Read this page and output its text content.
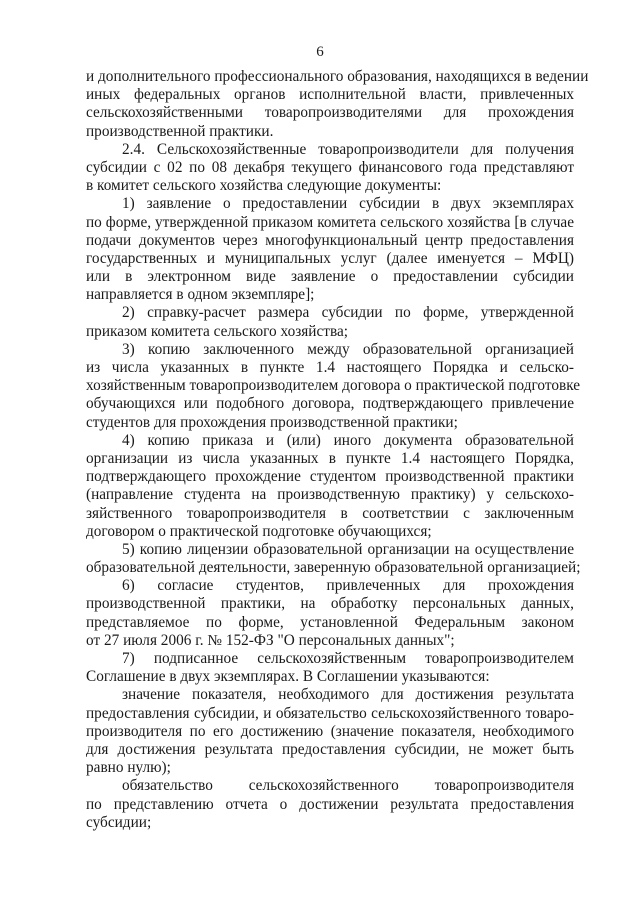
6
и дополнительного профессионального образования, находящихся в ведении
иных федеральных органов исполнительной власти, привлеченных
сельскохозяйственными товаропроизводителями для прохождения
производственной практики.
2.4. Сельскохозяйственные товаропроизводители для получения
субсидии с 02 по 08 декабря текущего финансового года представляют
в комитет сельского хозяйства следующие документы:
1) заявление о предоставлении субсидии в двух экземплярах
по форме, утвержденной приказом комитета сельского хозяйства [в случае
подачи документов через многофункциональный центр предоставления
государственных и муниципальных услуг (далее именуется – МФЦ)
или в электронном виде заявление о предоставлении субсидии
направляется в одном экземпляре];
2) справку-расчет размера субсидии по форме, утвержденной
приказом комитета сельского хозяйства;
3) копию заключенного между образовательной организацией
из числа указанных в пункте 1.4 настоящего Порядка и сельско-
хозяйственным товаропроизводителем договора о практической подготовке
обучающихся или подобного договора, подтверждающего привлечение
студентов для прохождения производственной практики;
4) копию приказа и (или) иного документа образовательной
организации из числа указанных в пункте 1.4 настоящего Порядка,
подтверждающего прохождение студентом производственной практики
(направление студента на производственную практику) у сельскохо-
зяйственного товаропроизводителя в соответствии с заключенным
договором о практической подготовке обучающихся;
5) копию лицензии образовательной организации на осуществление
образовательной деятельности, заверенную образовательной организацией;
6) согласие студентов, привлеченных для прохождения
производственной практики, на обработку персональных данных,
представляемое по форме, установленной Федеральным законом
от 27 июля 2006 г. № 152-ФЗ "О персональных данных";
7) подписанное сельскохозяйственным товаропроизводителем
Соглашение в двух экземплярах. В Соглашении указываются:
значение показателя, необходимого для достижения результата
предоставления субсидии, и обязательство сельскохозяйственного товаро-
производителя по его достижению (значение показателя, необходимого
для достижения результата предоставления субсидии, не может быть
равно нулю);
обязательство сельскохозяйственного товаропроизводителя
по представлению отчета о достижении результата предоставления
субсидии;
